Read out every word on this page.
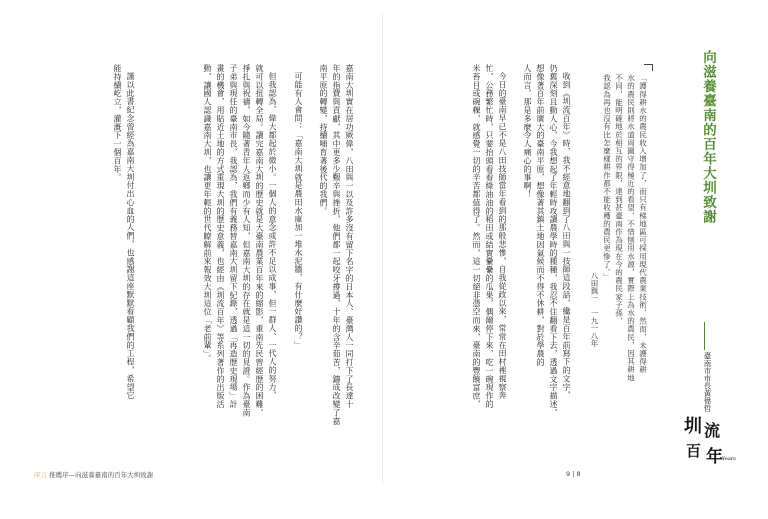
向滋養臺南的百年大圳致謝
臺南市市長黃偉哲
「護得耕水的農民收入增加了，而只有梯地區可採用現代農業技術，然而，未護得耕
水的農民則將水道周圍守得極近的看望，不惜刨用水源，實際上為水的農民，因其耕地
不同，能明確地於相互的界限，達到甚臺南作為現在今的農民家子孫，
我認為再也沒有比怎麼樣耕作都不能收穫的農民更慘了。」
八田與一　一九一八年
收到《圳流百年》時，我不經意地翻到了八田與一技師這段話，纔是百年前寫下的文字，
仍舊深刻且動人心，今我想起了年輕時攻讀農學時的種種，我忍不住翻看下去，透過文字描述，
想像著百年前廣大的臺南平原，想像著其鎮土地因氣候而不得不休耕，對於學農的
人而言，那是多麼令人痛心的事啊！
今日的臺南早已不是八田技師當年看到的那般悲慘，自我從政以來，常常在田村裡視察奔
忙，公務繁忙時，只要抬頭看看綠油油的稻田或結實纍纍的瓜果，偶爾停下來，吃一碗現作的
米苔目或碗粿，就感覺一切的辛苦都值得了。然而，這一切絕非憑空而來，臺南的豐饒富庶，
嘉南大圳實在居功厥偉，八田與一以及許多沒有留下名字的日本人、臺灣人一同打下了長達十
年的指費與貢獻，其中更多少艱辛與挫折，他們都一起咬牙撐過，十年的含辛茹苦，鑄成改變了嘉
南平原的轉變，持續哺育著後代的我們。
可能有人會問：「嘉南大圳就是農田水庫加一堆水泥牆，有什麼好讚的？」
但我認為，偉大都起於微小。一個人的意念或許不足以成事，但一群人、一代人的努力，
就可以扭轉全局。讀完嘉南大圳的歷史就是大臺南農業百年來的縮影，重南先民曾經歷的困難、
掙扎與祝禱，如今隨著青年人返鄉而少有人知，但嘉南大圳的存在就是這一切的見證。作為臺南
子弟與現任的臺南市長，我認為，我們有義務替嘉南大圳留下紀錄，透過「再造歷史現場」計
畫的機會，用貼近土地的方式重現大圳的歷史意義，也經由《圳流百年》等系列著作的出版活
動，讓國人認識嘉南大圳，也讓更年輕的世代瞭解前來報效大圳這位「老前輩」。
謹以此書紀念曾經為嘉南大圳付出心血的人們，也感謝這座默默看顧我們的工程，希望它
能持續屹立，灌溉下一個百年。
序言 推薦序—向滋養臺南的百年大圳致謝	9 | 8
圳 流
百 年 Years
